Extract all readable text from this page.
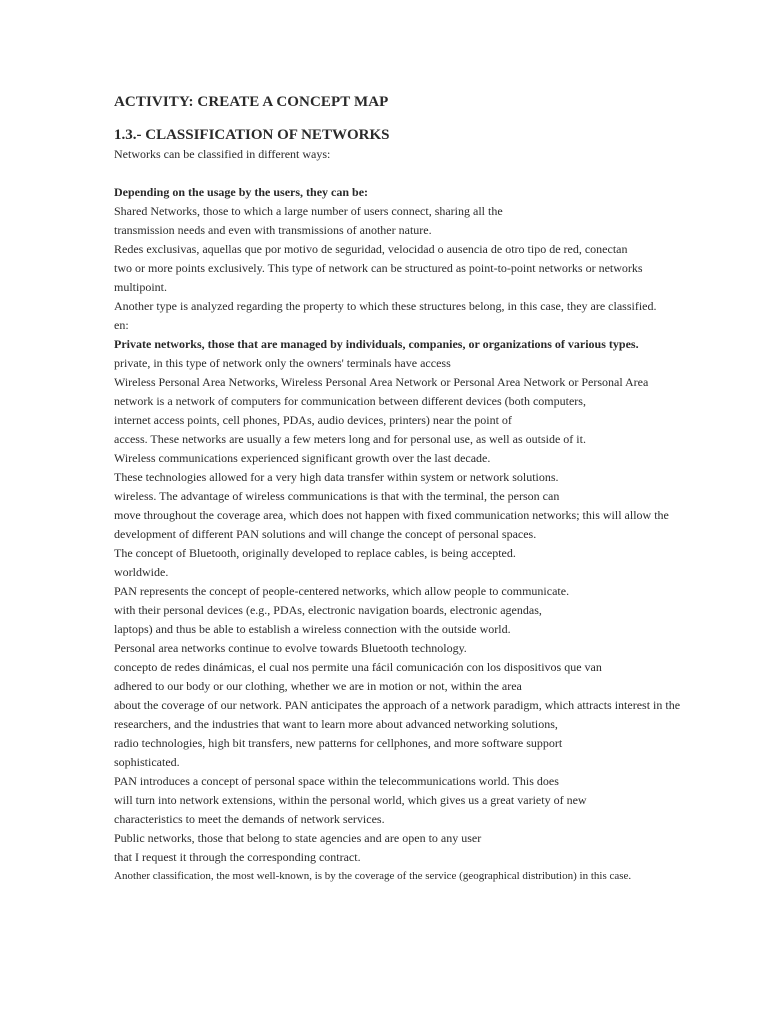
ACTIVITY: CREATE A CONCEPT MAP
1.3.- CLASSIFICATION OF NETWORKS
Networks can be classified in different ways:
Depending on the usage by the users, they can be:
Shared Networks, those to which a large number of users connect, sharing all the
transmission needs and even with transmissions of another nature.
Redes exclusivas, aquellas que por motivo de seguridad, velocidad o ausencia de otro tipo de red, conectan
two or more points exclusively. This type of network can be structured as point-to-point networks or networks
multipoint.
Another type is analyzed regarding the property to which these structures belong, in this case, they are classified.
en:
Private networks, those that are managed by individuals, companies, or organizations of various types.
private, in this type of network only the owners' terminals have access
Wireless Personal Area Networks, Wireless Personal Area Network or Personal Area Network or Personal Area
network is a network of computers for communication between different devices (both computers,
internet access points, cell phones, PDAs, audio devices, printers) near the point of
access. These networks are usually a few meters long and for personal use, as well as outside of it.
Wireless communications experienced significant growth over the last decade.
These technologies allowed for a very high data transfer within system or network solutions.
wireless. The advantage of wireless communications is that with the terminal, the person can
move throughout the coverage area, which does not happen with fixed communication networks; this will allow the
development of different PAN solutions and will change the concept of personal spaces.
The concept of Bluetooth, originally developed to replace cables, is being accepted.
worldwide.
PAN represents the concept of people-centered networks, which allow people to communicate.
with their personal devices (e.g., PDAs, electronic navigation boards, electronic agendas,
laptops) and thus be able to establish a wireless connection with the outside world.
Personal area networks continue to evolve towards Bluetooth technology.
concepto de redes dinámicas, el cual nos permite una fácil comunicación con los dispositivos que van
adhered to our body or our clothing, whether we are in motion or not, within the area
about the coverage of our network. PAN anticipates the approach of a network paradigm, which attracts interest in the
researchers, and the industries that want to learn more about advanced networking solutions,
radio technologies, high bit transfers, new patterns for cellphones, and more software support
sophisticated.
PAN introduces a concept of personal space within the telecommunications world. This does
will turn into network extensions, within the personal world, which gives us a great variety of new
characteristics to meet the demands of network services.
Public networks, those that belong to state agencies and are open to any user
that I request it through the corresponding contract.
Another classification, the most well-known, is by the coverage of the service (geographical distribution) in this case.
